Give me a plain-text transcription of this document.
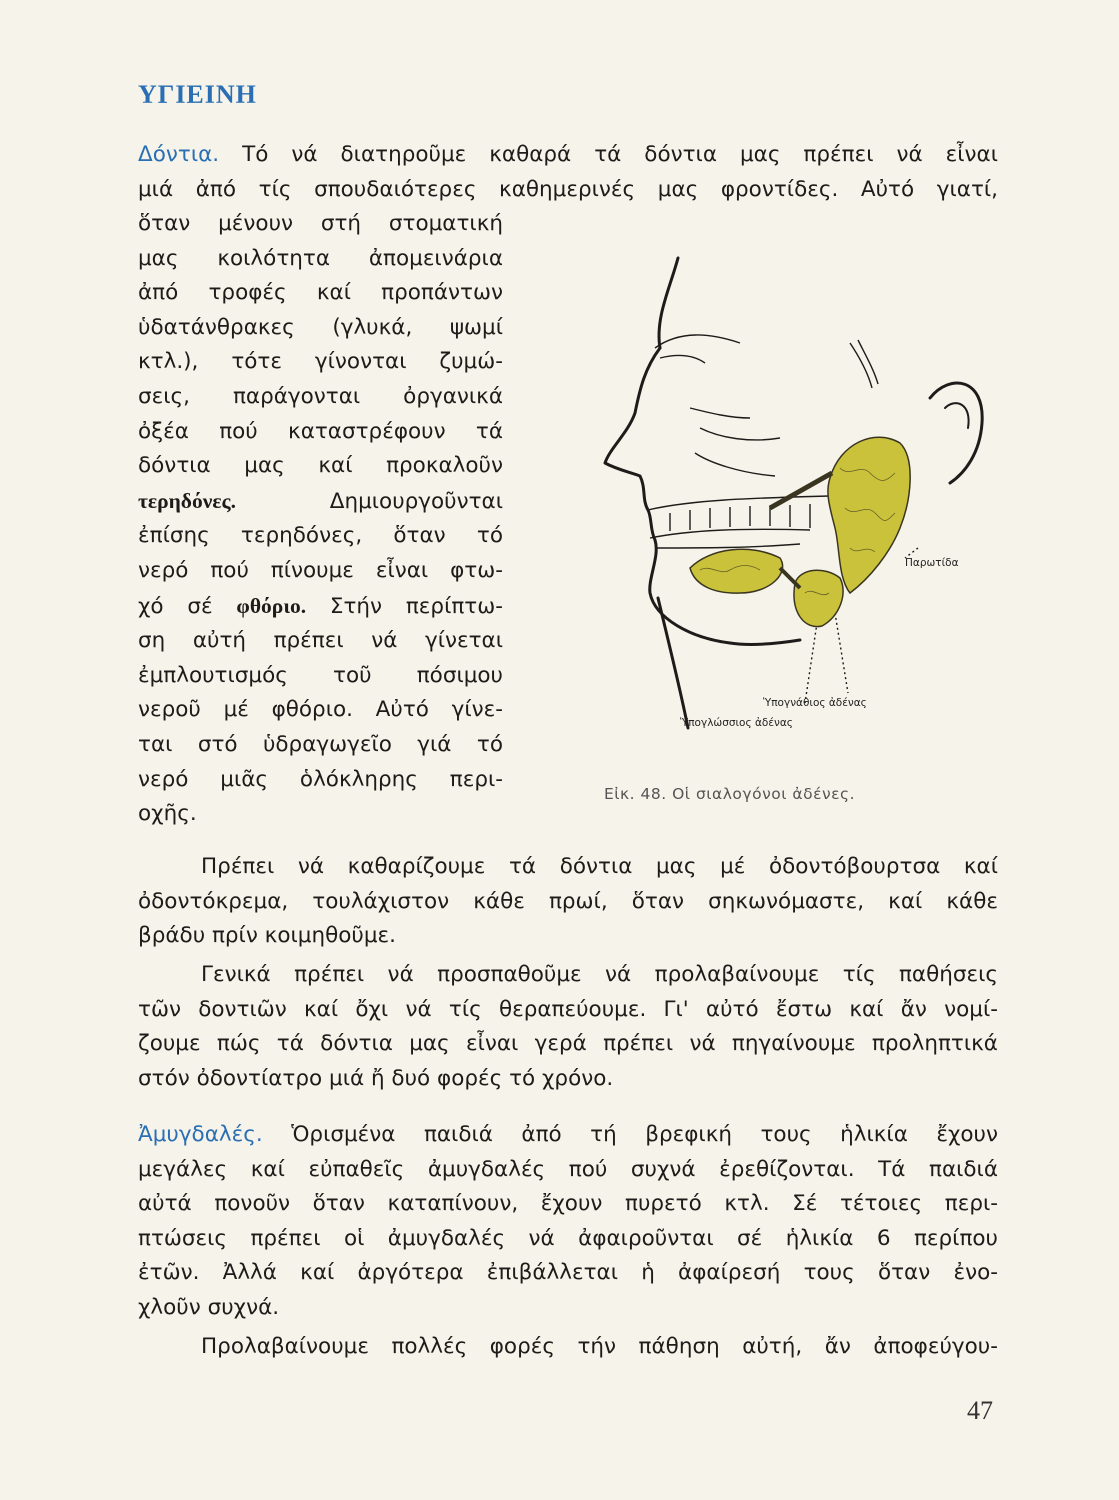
ΥΓΙΕΙΝΗ

Δόντια. Τό νά διατηροῦμε καθαρά τά δόντια μας πρέπει νά εἶναι

μιά ἀπό τίς σπουδαιότερες καθημερινές μας φροντίδες. Αὐτό γιατί,

ὅταν μένουν στή στοματική

μας κοιλότητα ἀπομεινάρια

ἀπό τροφές καί προπάντων

ὑδατάνθρακες (γλυκά, ψωμί

κτλ.), τότε γίνονται ζυμώ-

σεις, παράγονται ὀργανικά

ὀξέα πού καταστρέφουν τά

δόντια μας καί προκαλοῦν

τερηδόνες.	Δημιουργοῦνται

ἐπίσης τερηδόνες, ὅταν τό

νερό πού πίνουμε εἶναι φτω-

χό σέ φθόριο. Στήν περίπτω-

ση αὐτή πρέπει νά γίνεται

ἐμπλουτισμός τοῦ πόσιμου

νεροῦ μέ φθόριο. Αὐτό γίνε-

ται στό ὑδραγωγεῖο γιά τό

νερό μιᾶς ὁλόκληρης περι-

οχῆς.

Παρωτίδα
Ὑπογνάθιος ἀδένας
Ὑπογλώσσιος ἀδένας
Εἰκ. 48. Οἱ σιαλογόνοι ἀδένες.

Πρέπει νά καθαρίζουμε τά δόντια μας μέ ὀδοντόβουρτσα καί

ὀδοντόκρεμα, τουλάχιστον κάθε πρωί, ὅταν σηκωνόμαστε, καί κάθε

βράδυ πρίν κοιμηθοῦμε.

Γενικά πρέπει νά προσπαθοῦμε νά προλαβαίνουμε τίς παθήσεις

τῶν δοντιῶν καί ὄχι νά τίς θεραπεύουμε. Γι' αὐτό ἔστω καί ἄν νομί-

ζουμε πώς τά δόντια μας εἶναι γερά πρέπει νά πηγαίνουμε προληπτικά

στόν ὀδοντίατρο μιά ἤ δυό φορές τό χρόνο.

Ἀμυγδαλές. Ὁρισμένα παιδιά ἀπό τή βρεφική τους ἡλικία ἔχουν

μεγάλες καί εὐπαθεῖς ἀμυγδαλές πού συχνά ἐρεθίζονται. Τά παιδιά

αὐτά πονοῦν ὅταν καταπίνουν, ἔχουν πυρετό κτλ. Σέ τέτοιες περι-

πτώσεις πρέπει οἱ ἀμυγδαλές νά ἀφαιροῦνται σέ ἡλικία 6 περίπου

ἐτῶν. Ἀλλά καί ἀργότερα ἐπιβάλλεται ἡ ἀφαίρεσή τους ὅταν ἐνο-

χλοῦν συχνά.

Προλαβαίνουμε πολλές φορές τήν πάθηση αὐτή, ἄν ἀποφεύγου-

47
